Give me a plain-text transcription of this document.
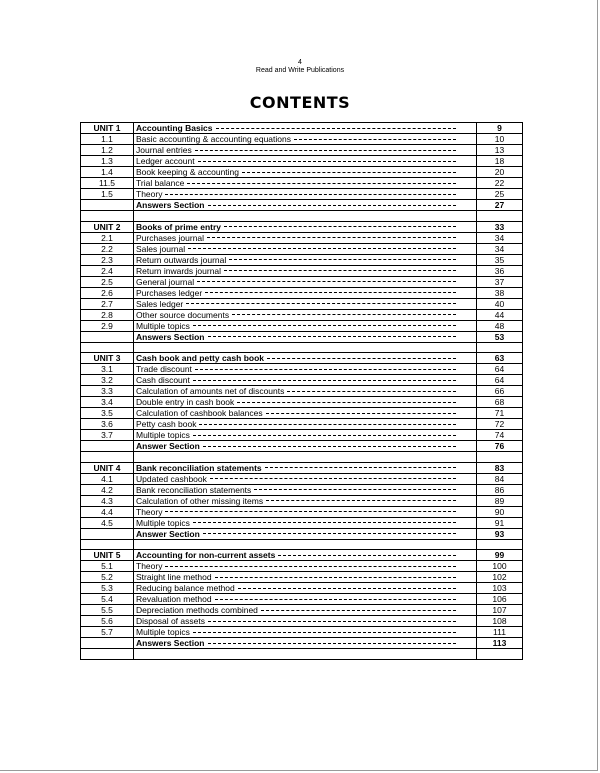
4
Read and Write Publications
CONTENTS
UNIT 1	Accounting Basics	9
1.1	Basic accounting & accounting equations	10
1.2	Journal entries	13
1.3	Ledger account	18
1.4	Book keeping & accounting	20
11.5	Trial balance	22
1.5	Theory	25

	Answers Section	27

UNIT 2	Books of prime entry	33
2.1	Purchases journal	34
2.2	Sales journal	34
2.3	Return outwards journal	35
2.4	Return inwards journal	36
2.5	General journal	37
2.6	Purchases ledger	38
2.7	Sales ledger	40
2.8	Other source documents	44
2.9	Multiple topics	48

	Answers Section	53

UNIT 3	Cash book and petty cash book	63
3.1	Trade discount	64
3.2	Cash discount	64
3.3	Calculation of amounts net of discounts	66
3.4	Double entry in cash book	68
3.5	Calculation of cashbook balances	71
3.6	Petty cash book	72
3.7	Multiple topics	74

	Answer Section	76

UNIT 4	Bank reconciliation statements	83
4.1	Updated cashbook	84
4.2	Bank reconciliation statements	86
4.3	Calculation of other missing items	89
4.4	Theory	90
4.5	Multiple topics	91

	Answer Section	93

UNIT 5	Accounting for non-current assets	99
5.1	Theory	100
5.2	Straight line method	102
5.3	Reducing balance method	103
5.4	Revaluation method	106
5.5	Depreciation methods combined	107
5.6	Disposal of assets	108
5.7	Multiple topics	111

	Answers Section	113
